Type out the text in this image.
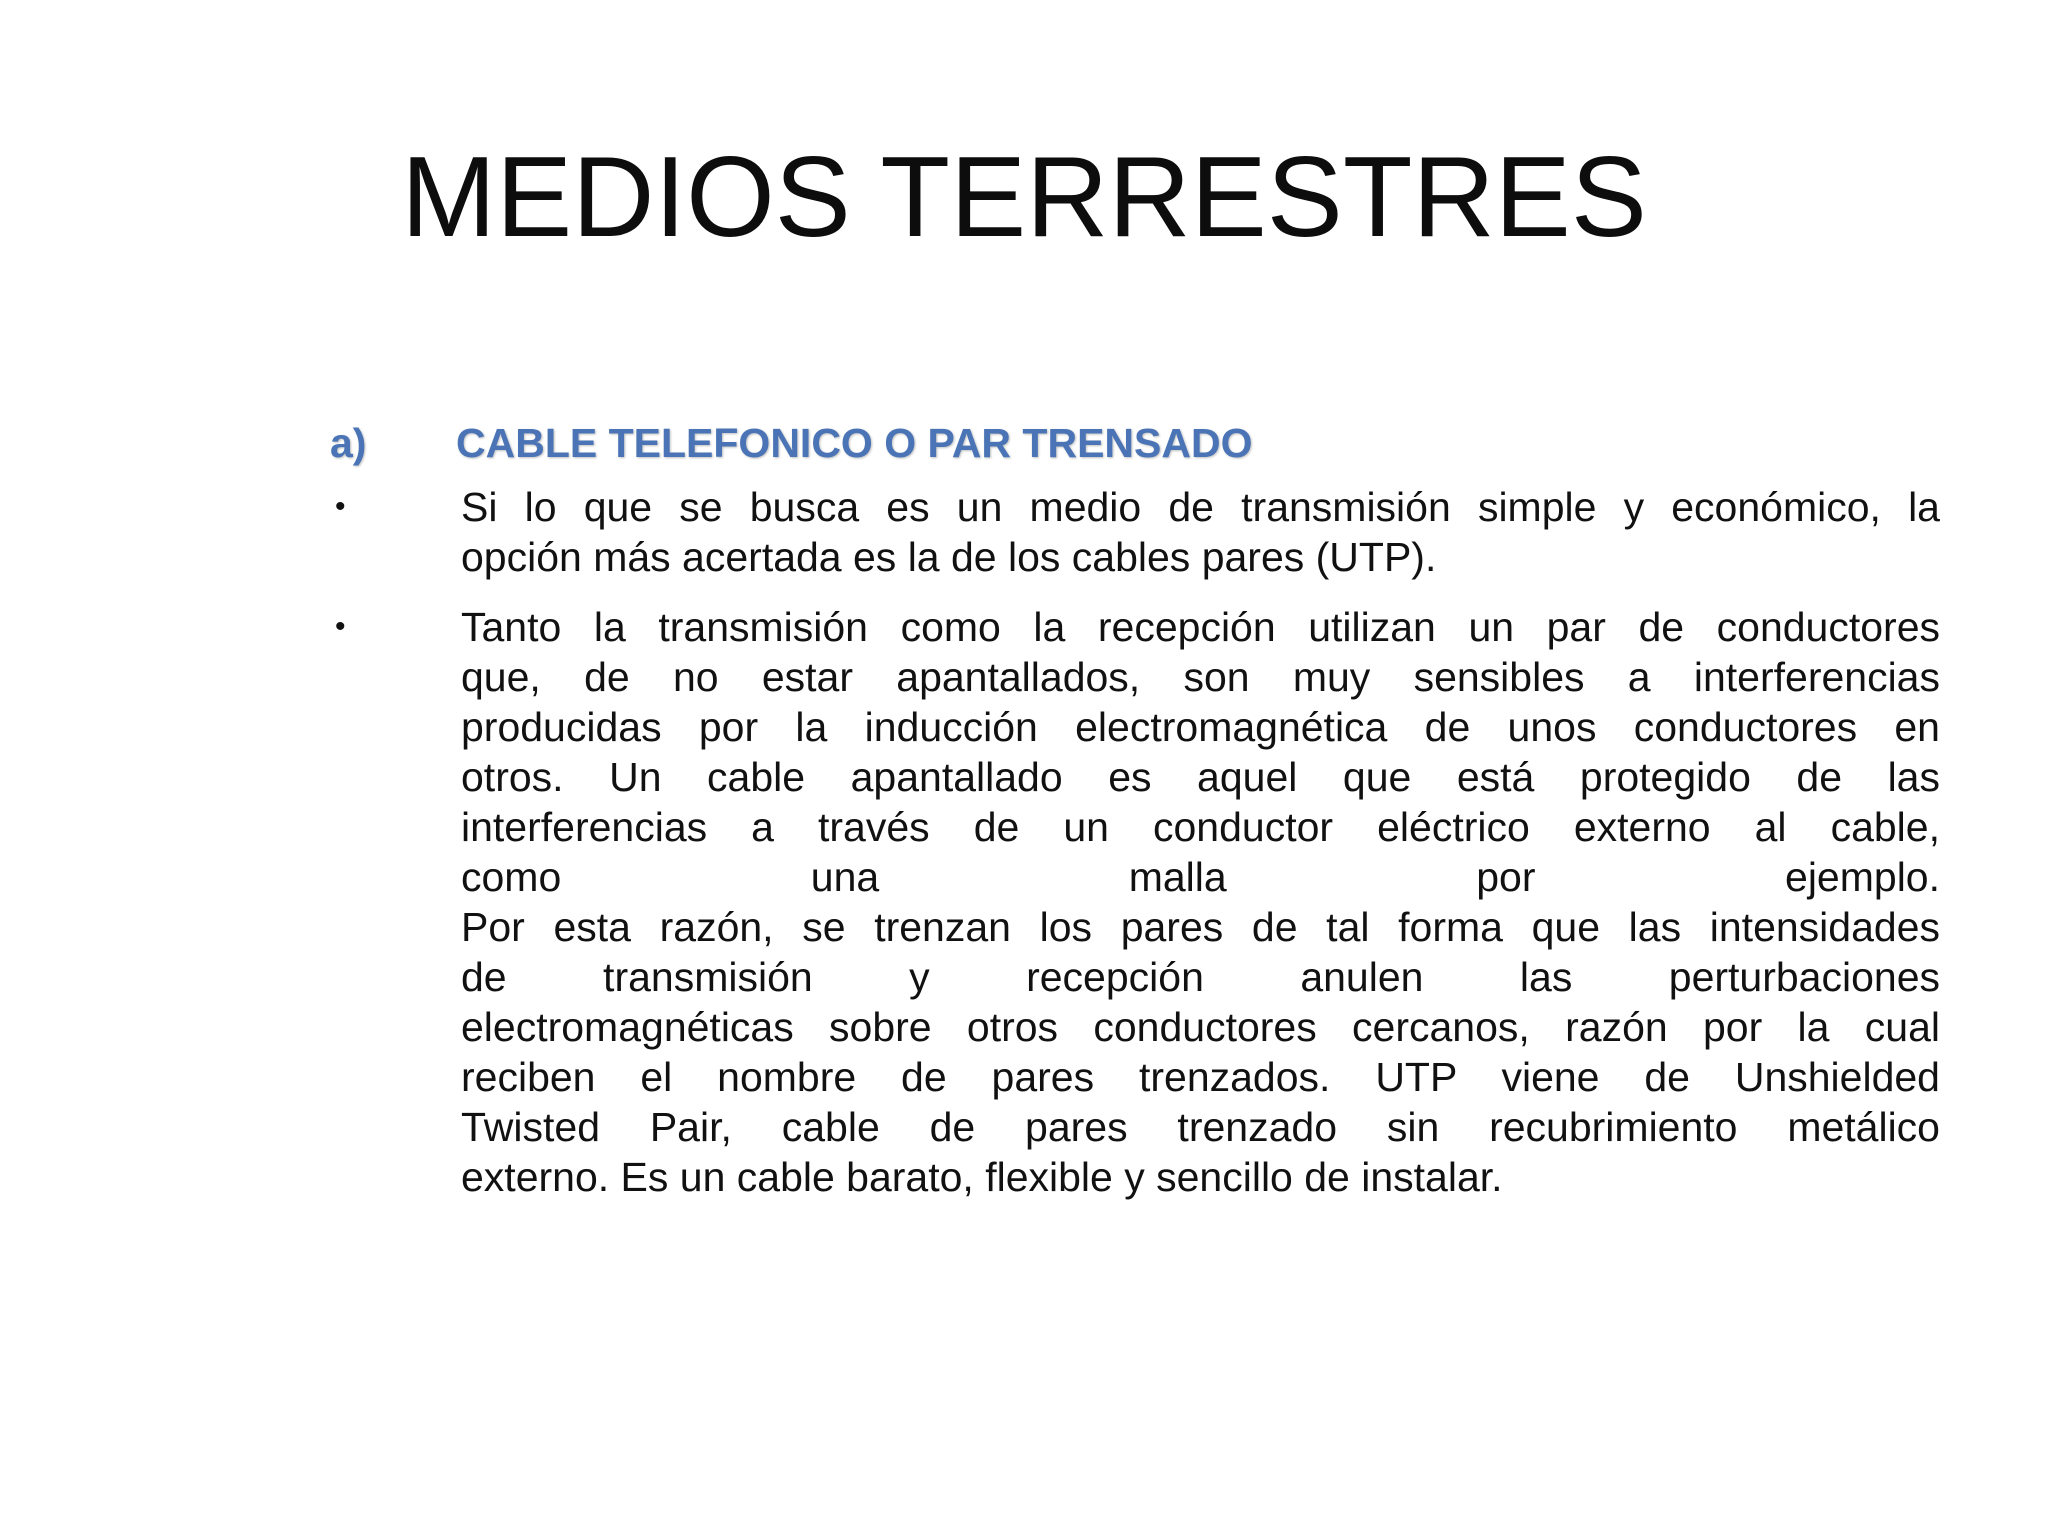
MEDIOS TERRESTRES
a)	CABLE TELEFONICO O PAR TRENSADO
•	Si lo que se busca es un medio de transmisión simple y económico, la
opción más acertada es la de los cables pares (UTP).
•	Tanto la transmisión como la recepción utilizan un par de conductores
que, de no estar apantallados, son muy sensibles a interferencias
producidas por la inducción electromagnética de unos conductores en
otros. Un cable apantallado es aquel que está protegido de las
interferencias a través de un conductor eléctrico externo al cable,
como una malla por ejemplo.
Por esta razón, se trenzan los pares de tal forma que las intensidades
de transmisión y recepción anulen las perturbaciones
electromagnéticas sobre otros conductores cercanos, razón por la cual
reciben el nombre de pares trenzados. UTP viene de Unshielded
Twisted Pair, cable de pares trenzado sin recubrimiento metálico
externo. Es un cable barato, flexible y sencillo de instalar.
